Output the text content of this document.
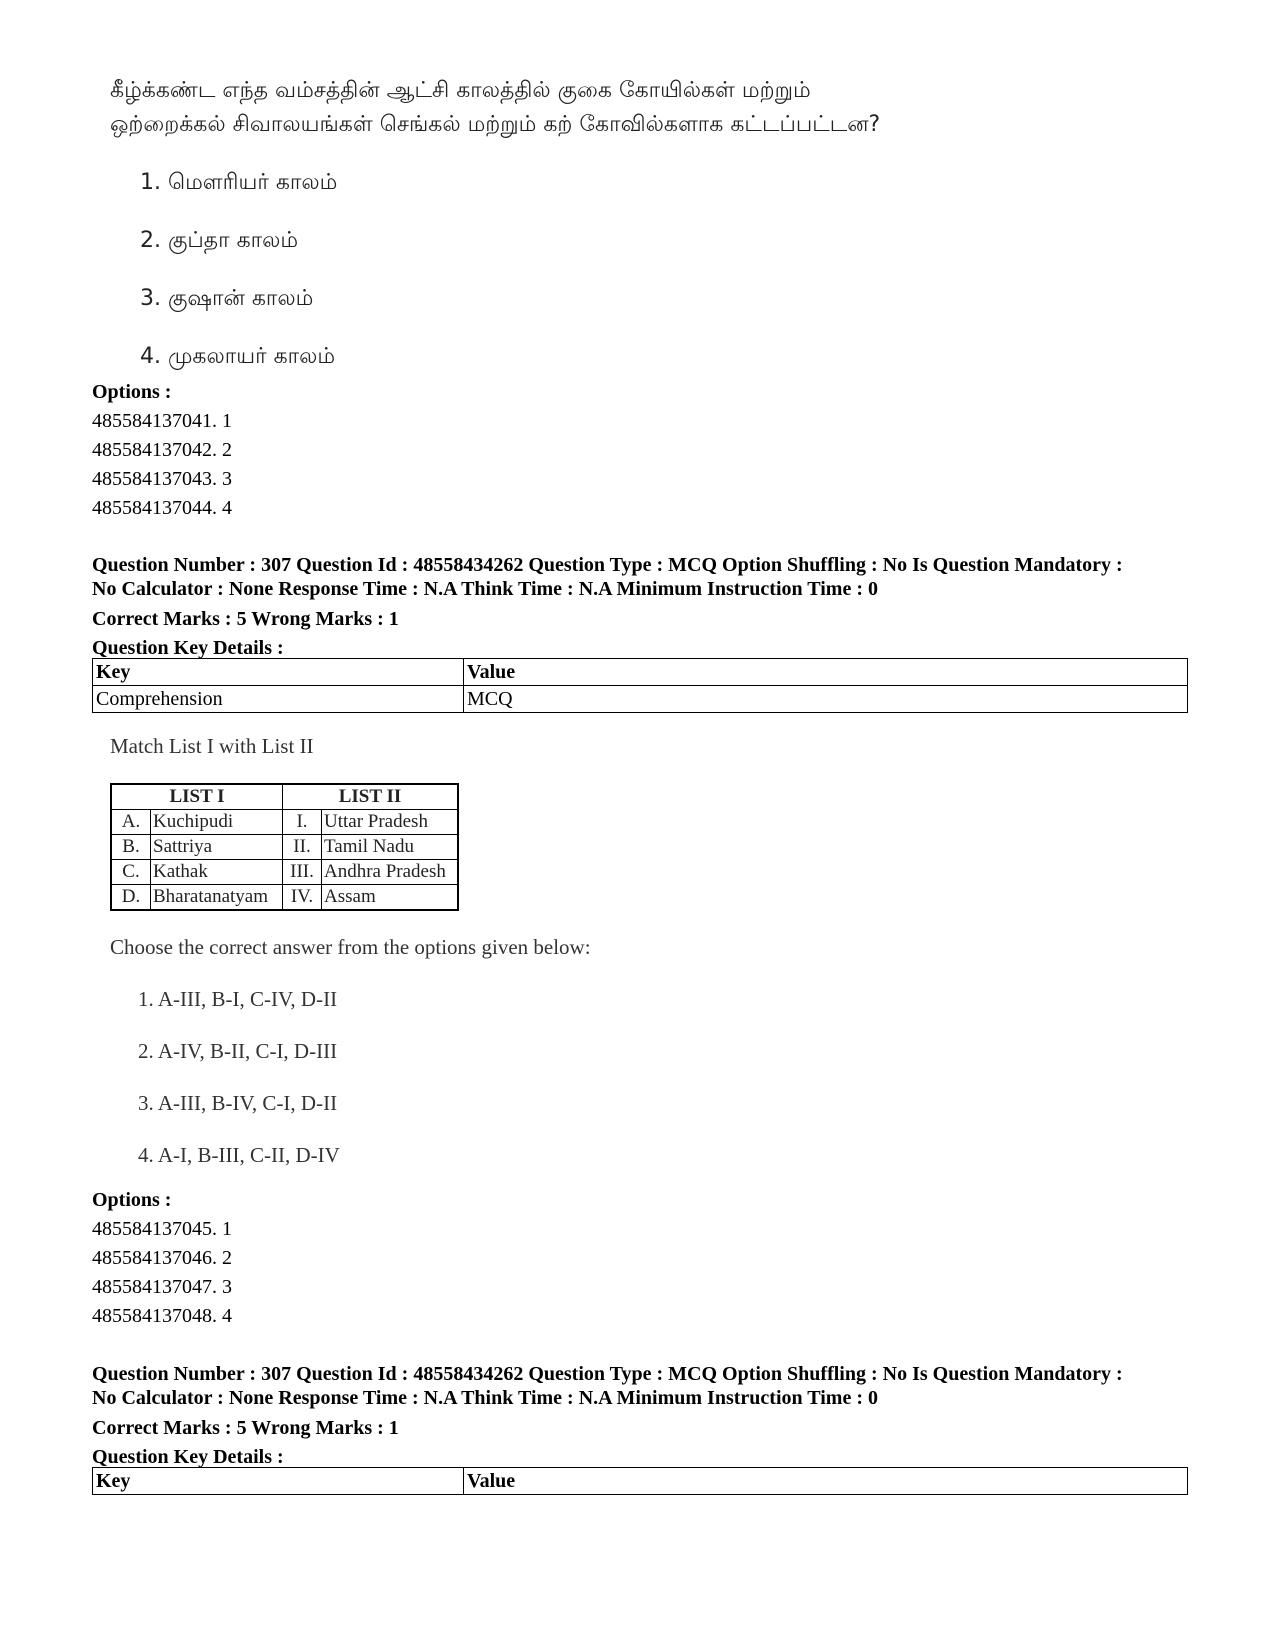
கீழ்க்கண்ட எந்த வம்சத்தின் ஆட்சி காலத்தில் குகை கோயில்கள் மற்றும்
ஒற்றைக்கல் சிவாலயங்கள் செங்கல் மற்றும் கற் கோவில்களாக கட்டப்பட்டன?
1. மௌரியர் காலம்
2. குப்தா காலம்
3. குஷான் காலம்
4. முகலாயர் காலம்
Options :
485584137041. 1
485584137042. 2
485584137043. 3
485584137044. 4
Question Number : 307 Question Id : 48558434262 Question Type : MCQ Option Shuffling : No Is Question Mandatory :
No Calculator : None Response Time : N.A Think Time : N.A Minimum Instruction Time : 0
Correct Marks : 5 Wrong Marks : 1
Question Key Details :
Key	Value
Comprehension	MCQ
Match List I with List II
LIST I		LIST II	
A.	Kuchipudi	I.	Uttar Pradesh
B.	Sattriya	II.	Tamil Nadu
C.	Kathak	III.	Andhra Pradesh
D.	Bharatanatyam	IV.	Assam
Choose the correct answer from the options given below:
1. A-III, B-I, C-IV, D-II
2. A-IV, B-II, C-I, D-III
3. A-III, B-IV, C-I, D-II
4. A-I, B-III, C-II, D-IV
Options :
485584137045. 1
485584137046. 2
485584137047. 3
485584137048. 4
Question Number : 307 Question Id : 48558434262 Question Type : MCQ Option Shuffling : No Is Question Mandatory :
No Calculator : None Response Time : N.A Think Time : N.A Minimum Instruction Time : 0
Correct Marks : 5 Wrong Marks : 1
Question Key Details :
Key	Value
